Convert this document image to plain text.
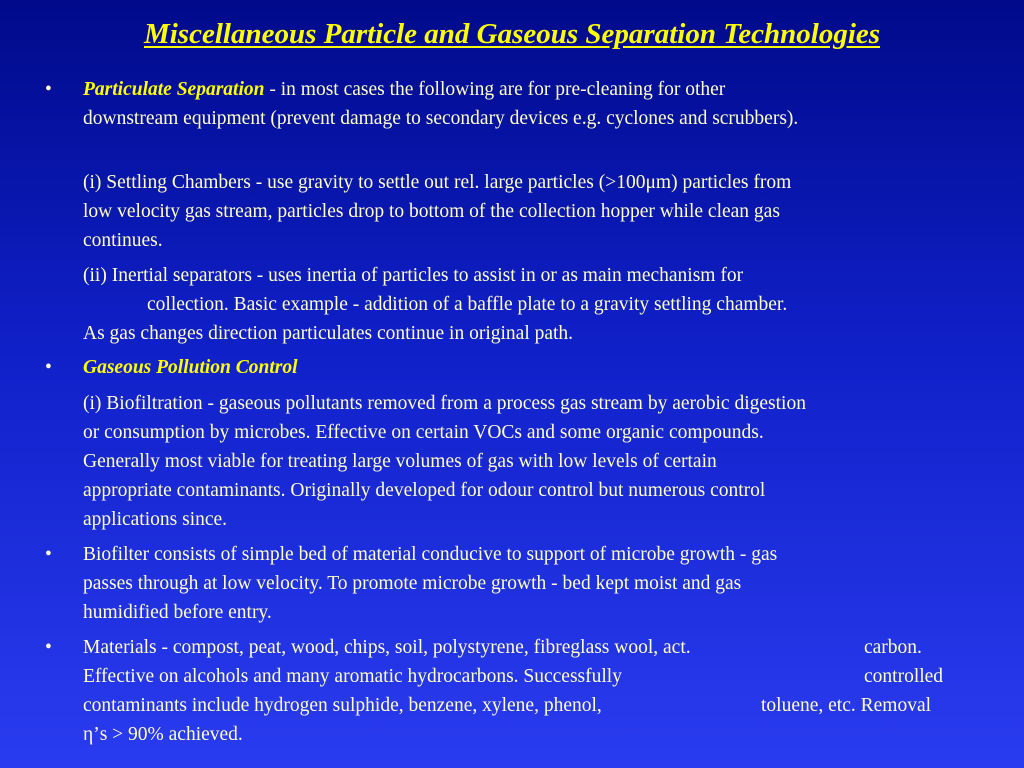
Miscellaneous Particle and Gaseous Separation Technologies
• Particulate Separation - in most cases the following are for pre-cleaning for other
downstream equipment (prevent damage to secondary devices e.g. cyclones and scrubbers).
(i) Settling Chambers - use gravity to settle out rel. large particles (>100μm) particles from
low velocity gas stream, particles drop to bottom of the collection hopper while clean gas
continues.
(ii) Inertial separators - uses inertia of particles to assist in or as main mechanism for
collection. Basic example - addition of a baffle plate to a gravity settling chamber.
As gas changes direction particulates continue in original path.
• Gaseous Pollution Control
(i) Biofiltration - gaseous pollutants removed from a process gas stream by aerobic digestion
or consumption by microbes. Effective on certain VOCs and some organic compounds.
Generally most viable for treating large volumes of gas with low levels of certain
appropriate contaminants. Originally developed for odour control but numerous control
applications since.
• Biofilter consists of simple bed of material conducive to support of microbe growth - gas
passes through at low velocity. To promote microbe growth - bed kept moist and gas
humidified before entry.
• Materials - compost, peat, wood, chips, soil, polystyrene, fibreglass wool, act.	carbon.
Effective on alcohols and many aromatic hydrocarbons. Successfully	controlled
contaminants include hydrogen sulphide, benzene, xylene, phenol,	toluene, etc. Removal
η’s > 90% achieved.
